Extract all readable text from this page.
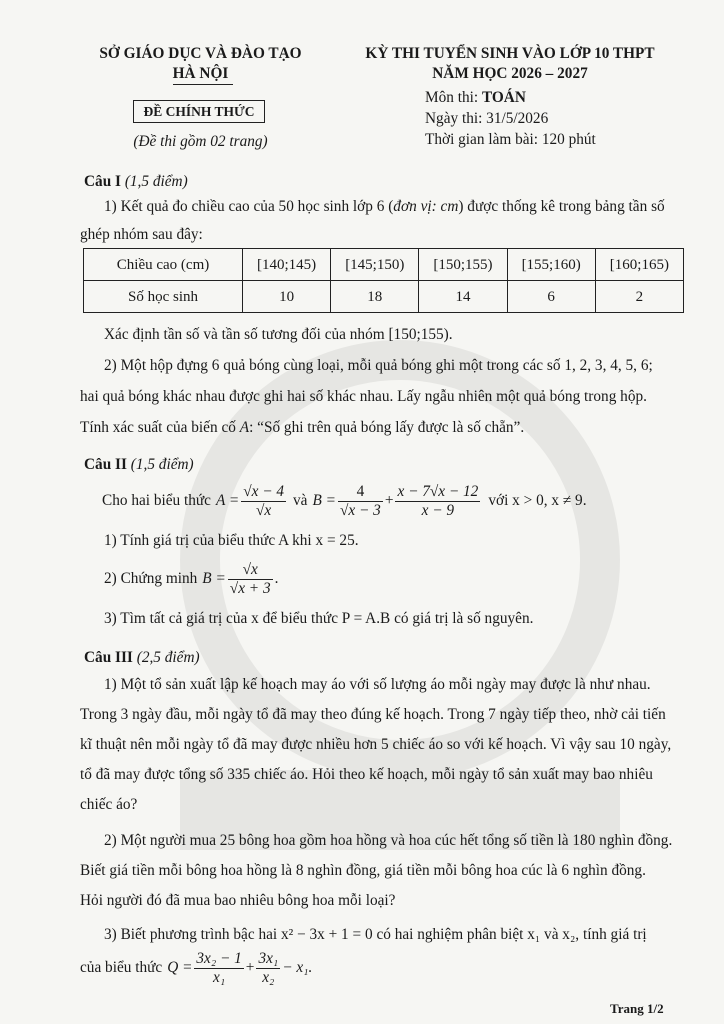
SỞ GIÁO DỤC VÀ ĐÀO TẠO
HÀ NỘI
ĐỀ CHÍNH THỨC
(Đề thi gồm 02 trang)
KỲ THI TUYỂN SINH VÀO LỚP 10 THPT
NĂM HỌC 2026 – 2027
Môn thi: TOÁN
Ngày thi: 31/5/2026
Thời gian làm bài: 120 phút
Câu I (1,5 điểm)
1) Kết quả đo chiều cao của 50 học sinh lớp 6 (đơn vị: cm) được thống kê trong bảng tần số
ghép nhóm sau đây:
Chiều cao (cm)	[140;145)	[145;150)	[150;155)	[155;160)	[160;165)
Số học sinh	10	18	14	6	2
Xác định tần số và tần số tương đối của nhóm [150;155).
2) Một hộp đựng 6 quả bóng cùng loại, mỗi quả bóng ghi một trong các số 1, 2, 3, 4, 5, 6;
hai quả bóng khác nhau được ghi hai số khác nhau. Lấy ngẫu nhiên một quả bóng trong hộp.
Tính xác suất của biến cố A: “Số ghi trên quả bóng lấy được là số chẵn”.
Câu II (1,5 điểm)
Cho hai biểu thức $A = \frac{√x - 4}{√x}$ và $B = \frac{4}{√x - 3} + \frac{x - 7√x - 12}{x - 9}$ với x > 0, x ≠ 9.
1) Tính giá trị của biểu thức A khi x = 25.
2) Chứng minh $B = \frac{√x}{√x + 3}$ .
3) Tìm tất cả giá trị của x để biểu thức P = A.B có giá trị là số nguyên.
Câu III (2,5 điểm)
1) Một tổ sản xuất lập kế hoạch may áo với số lượng áo mỗi ngày may được là như nhau.
Trong 3 ngày đầu, mỗi ngày tổ đã may theo đúng kế hoạch. Trong 7 ngày tiếp theo, nhờ cải tiến
kĩ thuật nên mỗi ngày tổ đã may được nhiều hơn 5 chiếc áo so với kế hoạch. Vì vậy sau 10 ngày,
tổ đã may được tổng số 335 chiếc áo. Hỏi theo kế hoạch, mỗi ngày tổ sản xuất may bao nhiêu
chiếc áo?
2) Một người mua 25 bông hoa gồm hoa hồng và hoa cúc hết tổng số tiền là 180 nghìn đồng.
Biết giá tiền mỗi bông hoa hồng là 8 nghìn đồng, giá tiền mỗi bông hoa cúc là 6 nghìn đồng.
Hỏi người đó đã mua bao nhiêu bông hoa mỗi loại?
3) Biết phương trình bậc hai x² − 3x + 1 = 0 có hai nghiệm phân biệt x₁ và x₂, tính giá trị
của biểu thức $Q = \frac{\text{3x₂ − 1}}{\text{x₁}} + \frac{\text{3x₁}}{\text{x₂}} - x_1$.
Trang 1/2
